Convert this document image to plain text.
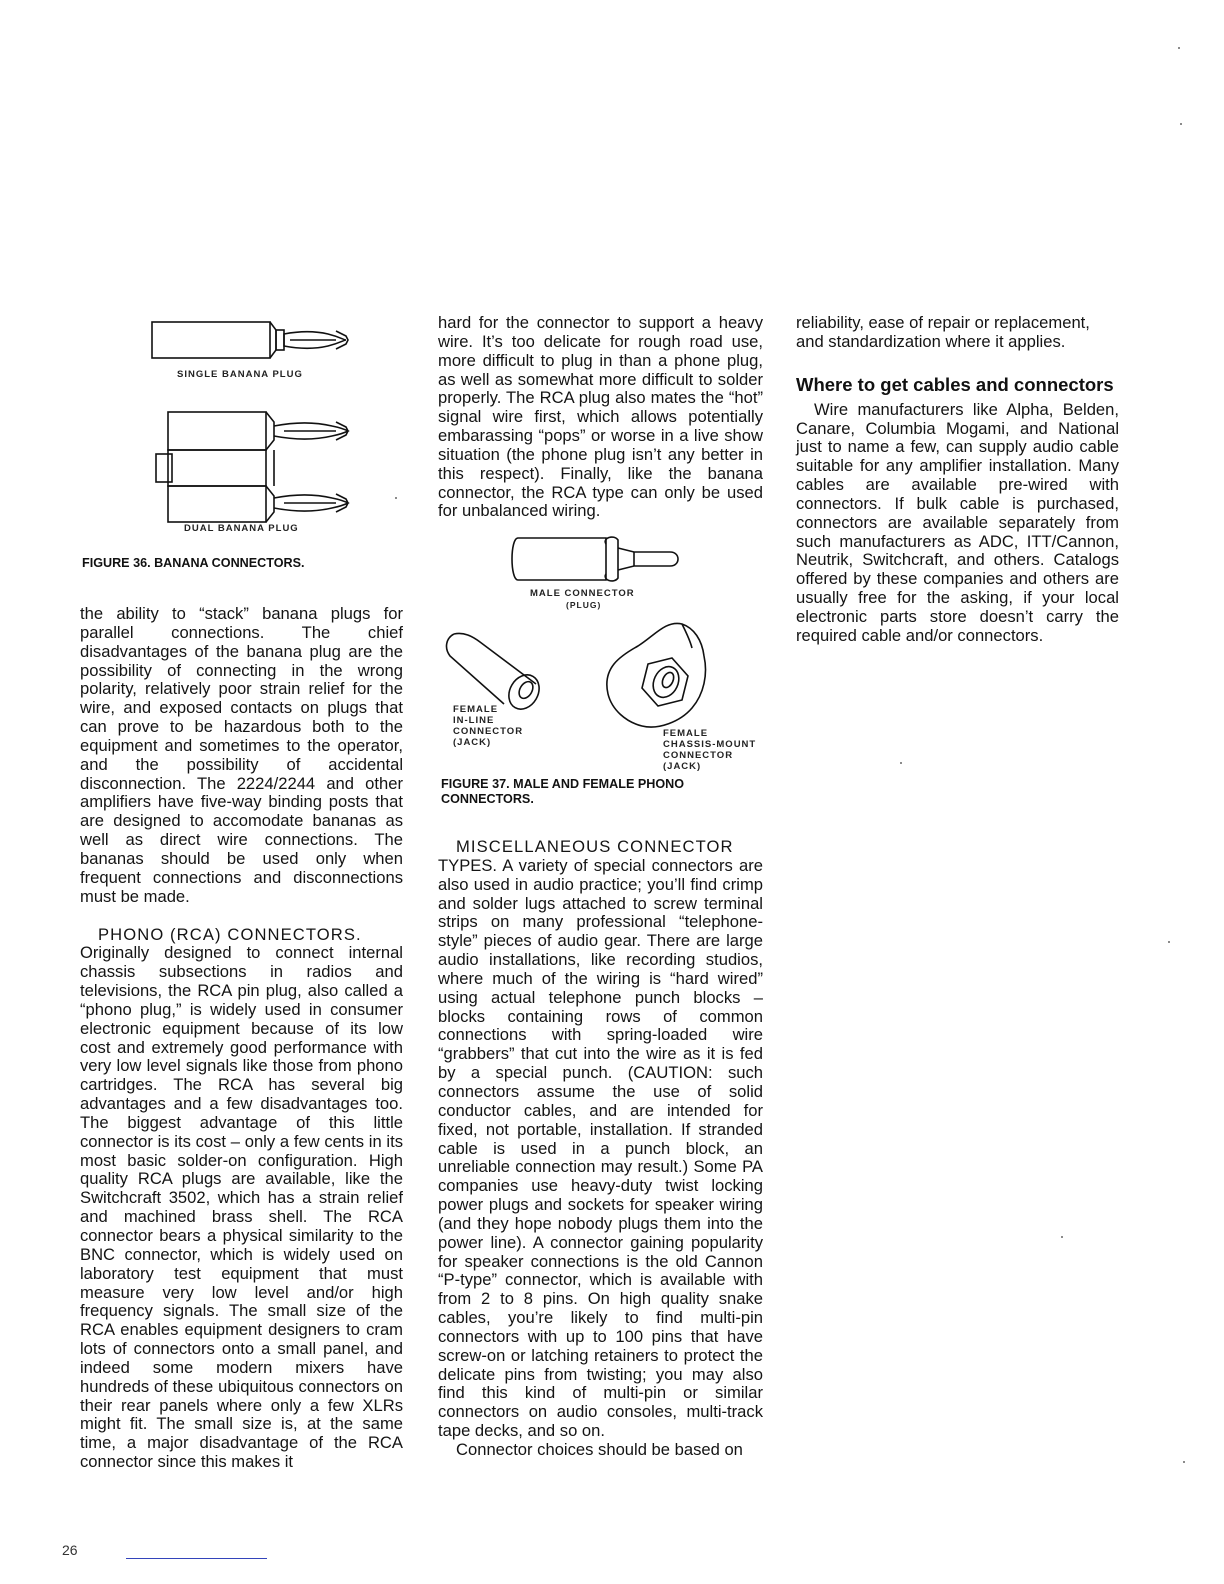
SINGLE BANANA PLUG
DUAL BANANA PLUG
FIGURE 36. BANANA CONNECTORS.
MALE CONNECTOR
(PLUG)
FEMALE
IN-LINE
CONNECTOR
(JACK)
FEMALE
CHASSIS-MOUNT
CONNECTOR
(JACK)
FIGURE 37. MALE AND FEMALE PHONO
CONNECTORS.

the ability to “stack” banana plugs for parallel connections. The chief disadvantages of the banana plug are the possibility of connecting in the wrong polarity, relatively poor strain relief for the wire, and exposed contacts on plugs that can prove to be hazardous both to the equipment and sometimes to the operator, and the possibility of accidental disconnection. The 2224/2244 and other amplifiers have five-way binding posts that are designed to accomodate bananas as well as direct wire connections. The bananas should be used only when frequent connections and disconnections must be made.

PHONO (RCA) CONNECTORS. Originally designed to connect internal chassis subsections in radios and televisions, the RCA pin plug, also called a “phono plug,” is widely used in consumer electronic equipment because of its low cost and extremely good performance with very low level signals like those from phono cartridges. The RCA has several big advantages and a few disadvantages too. The biggest advantage of this little connector is its cost – only a few cents in its most basic solder-on configuration. High quality RCA plugs are available, like the Switchcraft 3502, which has a strain relief and machined brass shell. The RCA connector bears a physical similarity to the BNC connector, which is widely used on laboratory test equipment that must measure very low level and/or high frequency signals. The small size of the RCA enables equipment designers to cram lots of connectors onto a small panel, and indeed some modern mixers have hundreds of these ubiquitous connectors on their rear panels where only a few XLRs might fit. The small size is, at the same time, a major disadvantage of the RCA connector since this makes it

hard for the connector to support a heavy wire. It’s too delicate for rough road use, more difficult to plug in than a phone plug, as well as somewhat more difficult to solder properly. The RCA plug also mates the “hot” signal wire first, which allows potentially embarassing “pops” or worse in a live show situation (the phone plug isn’t any better in this respect). Finally, like the banana connector, the RCA type can only be used for unbalanced wiring.

MISCELLANEOUS CONNECTOR TYPES. A variety of special connectors are also used in audio practice; you’ll find crimp and solder lugs attached to screw terminal strips on many professional “telephone-style” pieces of audio gear. There are large audio installations, like recording studios, where much of the wiring is “hard wired” using actual telephone punch blocks – blocks containing rows of common connections with spring-loaded wire “grabbers” that cut into the wire as it is fed by a special punch. (CAUTION: such connectors assume the use of solid conductor cables, and are intended for fixed, not portable, installation. If stranded cable is used in a punch block, an unreliable connection may result.) Some PA companies use heavy-duty twist locking power plugs and sockets for speaker wiring (and they hope nobody plugs them into the power line). A connector gaining popularity for speaker connections is the old Cannon “P-type” connector, which is available with from 2 to 8 pins. On high quality snake cables, you’re likely to find multi-pin connectors with up to 100 pins that have screw-on or latching retainers to protect the delicate pins from twisting; you may also find this kind of multi-pin or similar connectors on audio consoles, multi-track tape decks, and so on.

Connector choices should be based on

reliability, ease of repair or replacement, and standardization where it applies.

Where to get cables and connectors

Wire manufacturers like Alpha, Belden, Canare, Columbia Mogami, and National just to name a few, can supply audio cable suitable for any amplifier installation. Many cables are available pre-wired with connectors. If bulk cable is purchased, connectors are available separately from such manufacturers as ADC, ITT/Cannon, Neutrik, Switchcraft, and others. Catalogs offered by these companies and others are usually free for the asking, if your local electronic parts store doesn’t carry the required cable and/or connectors.

26
